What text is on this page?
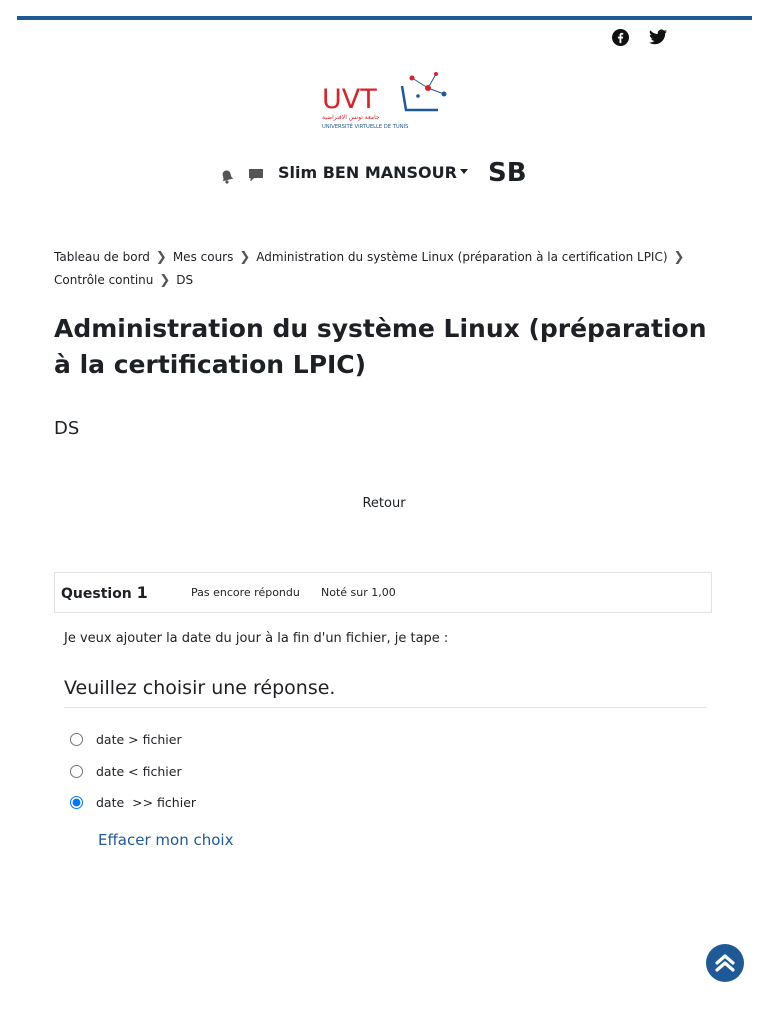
UVT
جامعة تونس الافتراضية
UNIVERSITÉ VIRTUELLE DE TUNIS
Slim BEN MANSOUR	SB
Tableau de bord ❯ Mes cours ❯ Administration du système Linux (préparation à la certification LPIC) ❯Contrôle continu ❯ DS
Administration du système Linux (préparation à la certification LPIC)
DS
Retour
Question 1	Pas encore répondu Noté sur 1,00
Je veux ajouter la date du jour à la fin d'un fichier, je tape :
Veuillez choisir une réponse.
date > fichier
date < fichier
date  >> fichier
Effacer mon choix
